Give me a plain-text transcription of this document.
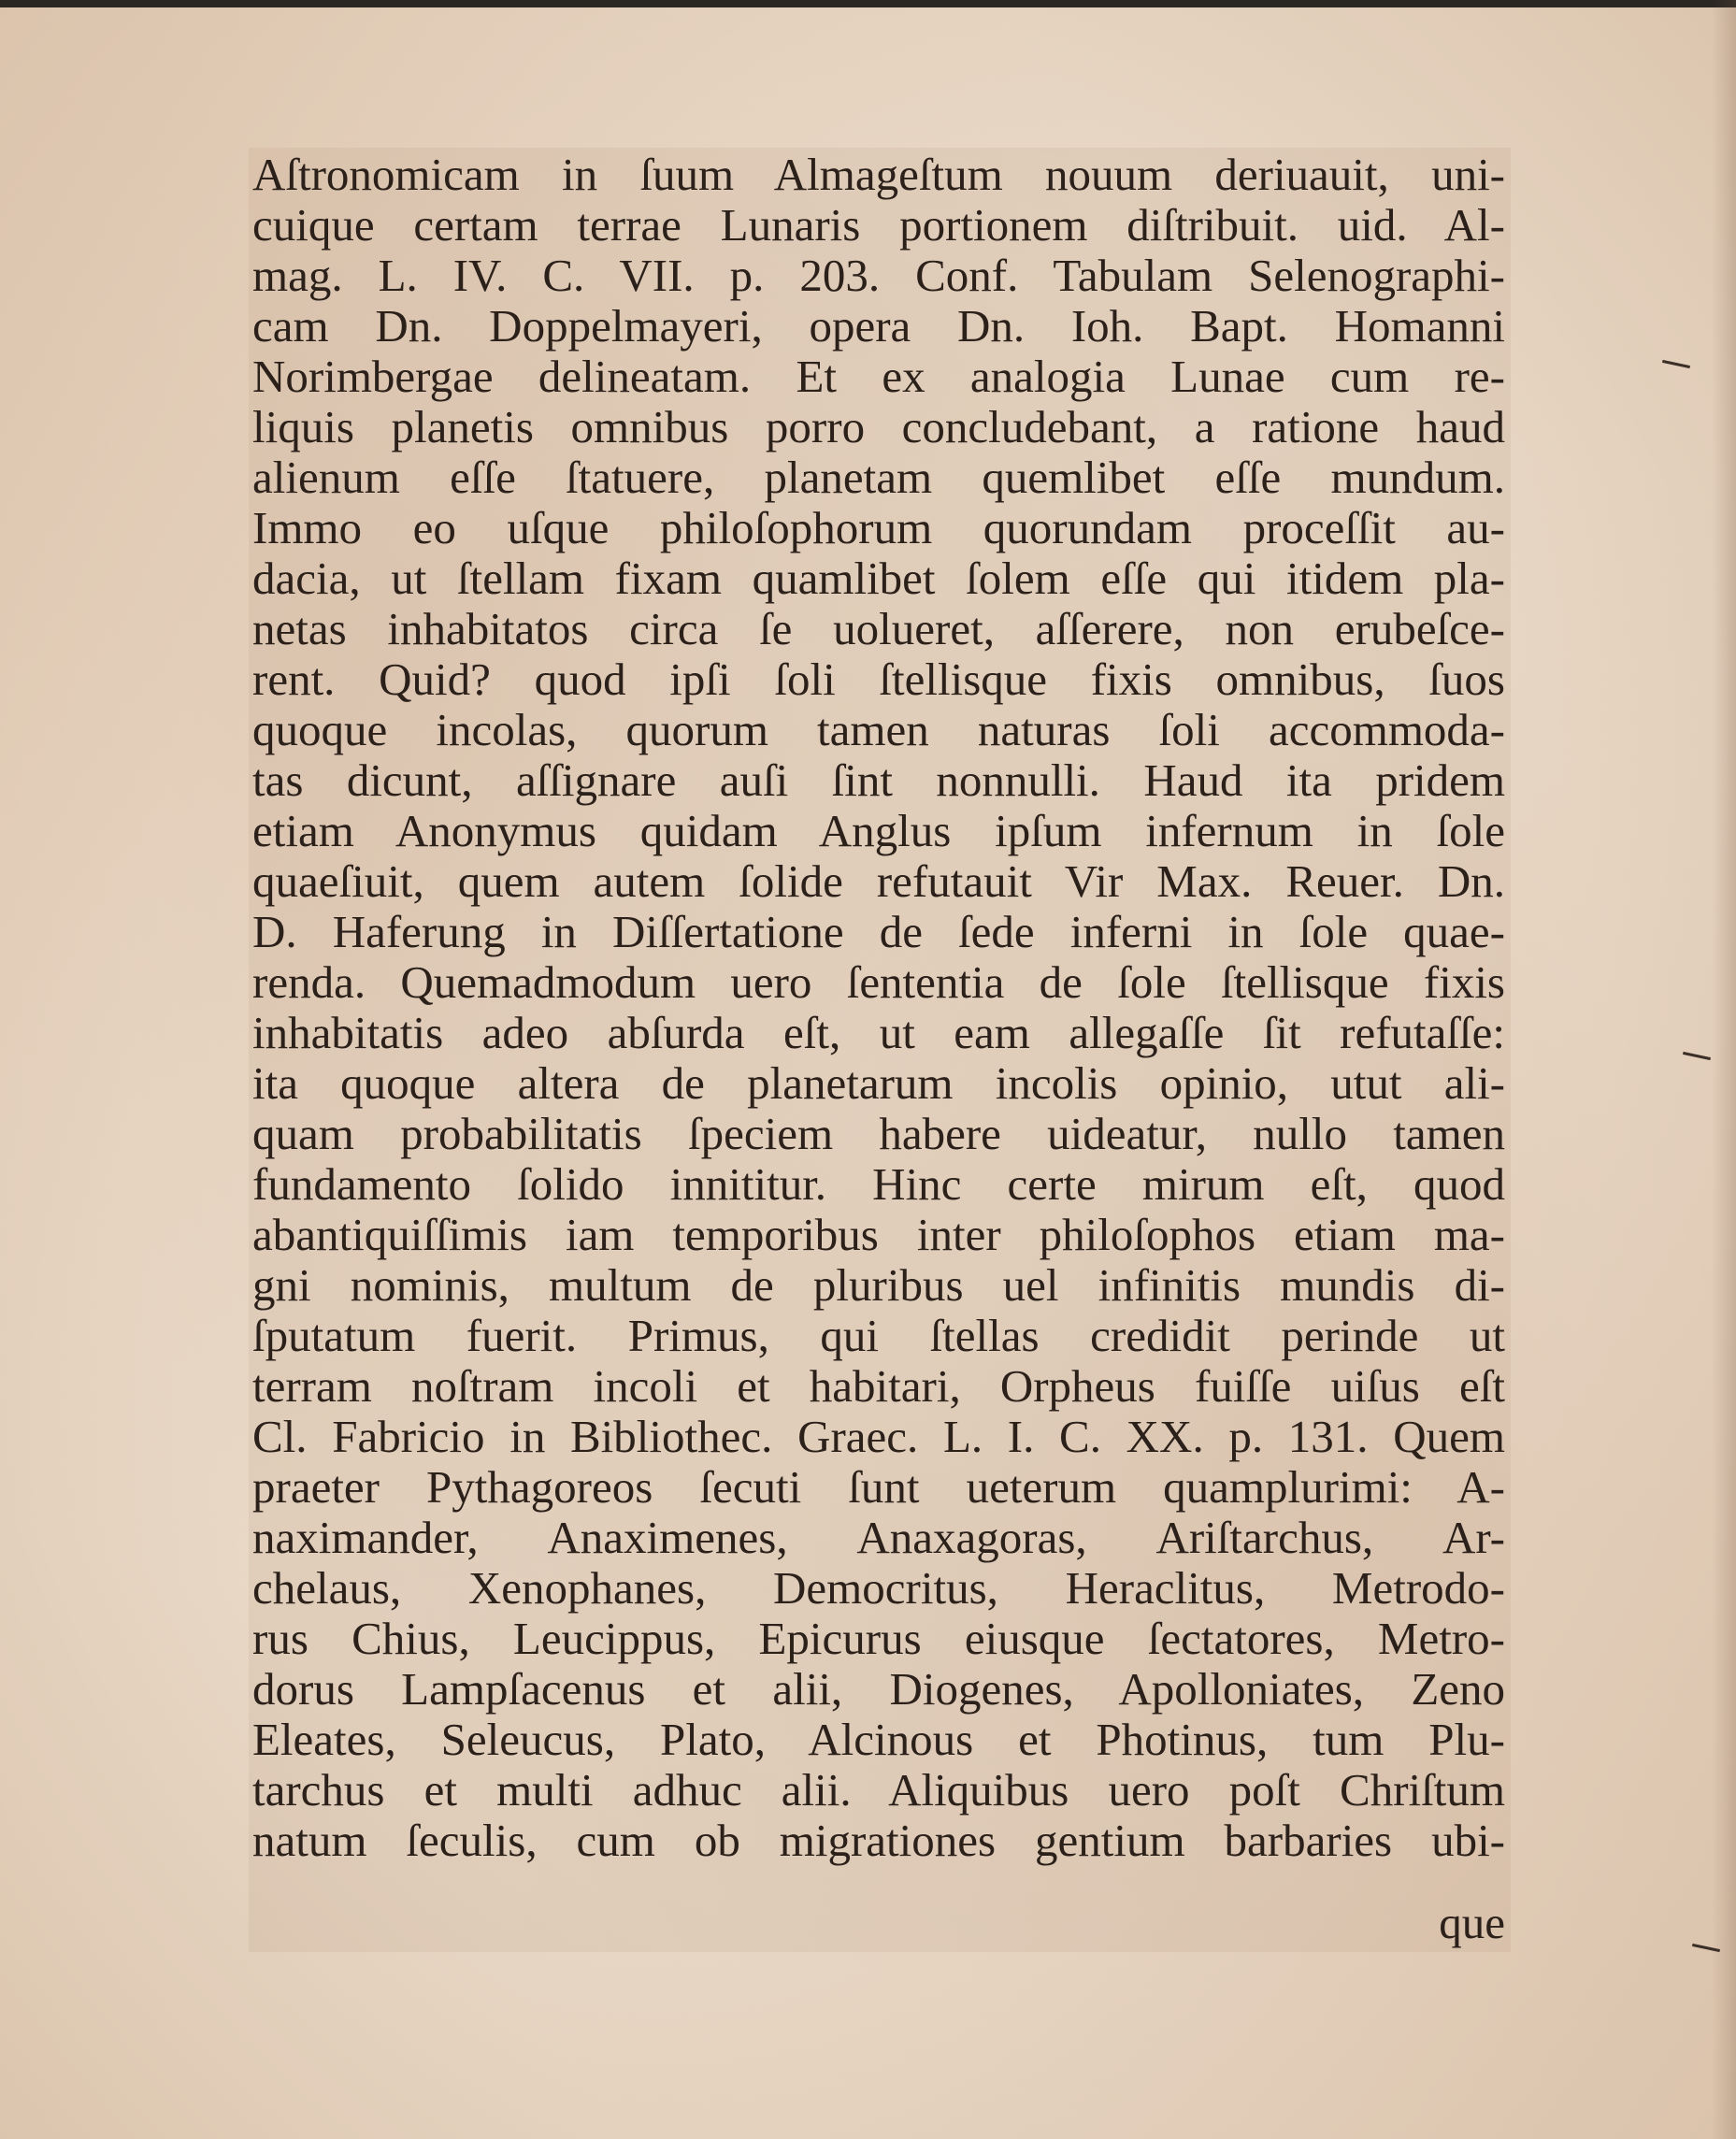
Aſtronomicam in ſuum Almageſtum nouum deriuauit, uni-
cuique certam terrae Lunaris portionem diſtribuit. uid. Al-
mag. L. IV. C. VII. p. 203. Conf. Tabulam Selenographi-
cam Dn. Doppelmayeri, opera Dn. Ioh. Bapt. Homanni
Norimbergae delineatam. Et ex analogia Lunae cum re-
liquis planetis omnibus porro concludebant, a ratione haud
alienum eſſe ſtatuere, planetam quemlibet eſſe mundum.
Immo eo uſque philoſophorum quorundam proceſſit au-
dacia, ut ſtellam fixam quamlibet ſolem eſſe qui itidem pla-
netas inhabitatos circa ſe uolueret, aſſerere, non erubeſce-
rent. Quid? quod ipſi ſoli ſtellisque fixis omnibus, ſuos
quoque incolas, quorum tamen naturas ſoli accommoda-
tas dicunt, aſſignare auſi ſint nonnulli. Haud ita pridem
etiam Anonymus quidam Anglus ipſum infernum in ſole
quaeſiuit, quem autem ſolide refutauit Vir Max. Reuer. Dn.
D. Haferung in Diſſertatione de ſede inferni in ſole quae-
renda. Quemadmodum uero ſententia de ſole ſtellisque fixis
inhabitatis adeo abſurda eſt, ut eam allegaſſe ſit refutaſſe:
ita quoque altera de planetarum incolis opinio, utut ali-
quam probabilitatis ſpeciem habere uideatur, nullo tamen
fundamento ſolido innititur. Hinc certe mirum eſt, quod
abantiquiſſimis iam temporibus inter philoſophos etiam ma-
gni nominis, multum de pluribus uel infinitis mundis di-
ſputatum fuerit. Primus, qui ſtellas credidit perinde ut
terram noſtram incoli et habitari, Orpheus fuiſſe uiſus eſt
Cl. Fabricio in Bibliothec. Graec. L. I. C. XX. p. 131. Quem
praeter Pythagoreos ſecuti ſunt ueterum quamplurimi: A-
naximander, Anaximenes, Anaxagoras, Ariſtarchus, Ar-
chelaus, Xenophanes, Democritus, Heraclitus, Metrodo-
rus Chius, Leucippus, Epicurus eiusque ſectatores, Metro-
dorus Lampſacenus et alii, Diogenes, Apolloniates, Zeno
Eleates, Seleucus, Plato, Alcinous et Photinus, tum Plu-
tarchus et multi adhuc alii. Aliquibus uero poſt Chriſtum
natum ſeculis, cum ob migrationes gentium barbaries ubi-
que
